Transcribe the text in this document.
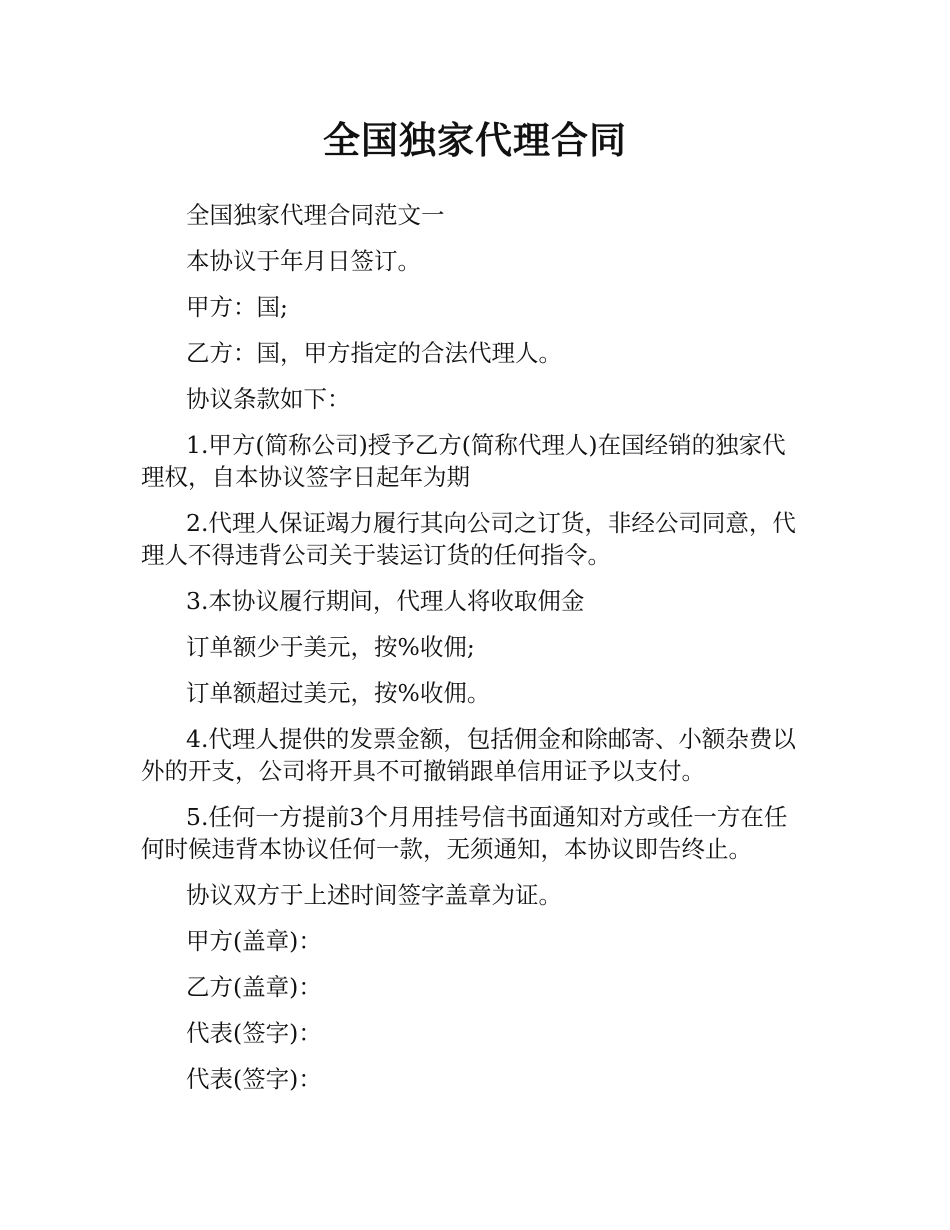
全国独家代理合同

全国独家代理合同范文一

本协议于年月日签订。

甲方：国;

乙方：国，甲方指定的合法代理人。

协议条款如下：

1.甲方(简称公司)授予乙方(简称代理人)在国经销的独家代理权，自本协议签字日起年为期

2.代理人保证竭力履行其向公司之订货，非经公司同意，代理人不得违背公司关于装运订货的任何指令。

3.本协议履行期间，代理人将收取佣金

订单额少于美元，按%收佣;

订单额超过美元，按%收佣。

4.代理人提供的发票金额，包括佣金和除邮寄、小额杂费以外的开支，公司将开具不可撤销跟单信用证予以支付。

5.任何一方提前3个月用挂号信书面通知对方或任一方在任何时候违背本协议任何一款，无须通知，本协议即告终止。

协议双方于上述时间签字盖章为证。

甲方(盖章)：

乙方(盖章)：

代表(签字)：

代表(签字)：
